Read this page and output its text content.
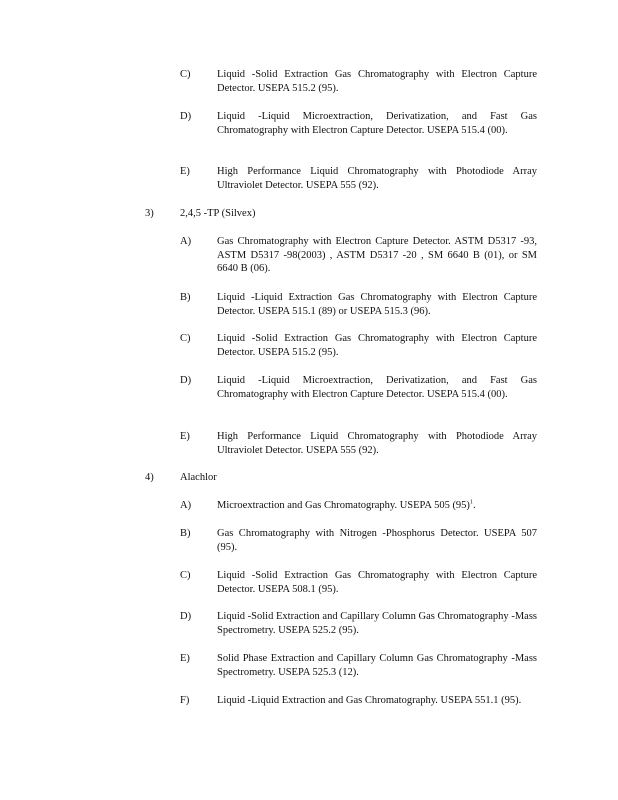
C)	Liquid -Solid Extraction Gas Chromatography with Electron Capture Detector. USEPA 515.2 (95).
D)	Liquid -Liquid Microextraction, Derivatization, and Fast Gas Chromatography with Electron Capture Detector. USEPA 515.4 (00).
E)	High Performance Liquid Chromatography with Photodiode Array Ultraviolet Detector. USEPA 555 (92).
3)	2,4,5 -TP (Silvex)
A)	Gas Chromatography with Electron Capture Detector. ASTM D5317 -93, ASTM D5317 -98(2003) , ASTM D5317 -20 , SM 6640 B (01), or SM 6640 B (06).
B)	Liquid -Liquid Extraction Gas Chromatography with Electron Capture Detector. USEPA 515.1 (89) or USEPA 515.3 (96).
C)	Liquid -Solid Extraction Gas Chromatography with Electron Capture Detector. USEPA 515.2 (95).
D)	Liquid -Liquid Microextraction, Derivatization, and Fast Gas Chromatography with Electron Capture Detector. USEPA 515.4 (00).
E)	High Performance Liquid Chromatography with Photodiode Array Ultraviolet Detector. USEPA 555 (92).
4)	Alachlor
A)	Microextraction and Gas Chromatography. USEPA 505 $(95)^1$.
B)	Gas Chromatography with Nitrogen -Phosphorus Detector. USEPA 507 (95).
C)	Liquid -Solid Extraction Gas Chromatography with Electron Capture Detector. USEPA 508.1 (95).
D)	Liquid -Solid Extraction and Capillary Column Gas Chromatography -Mass Spectrometry. USEPA 525.2 (95).
E)	Solid Phase Extraction and Capillary Column Gas Chromatography -Mass Spectrometry. USEPA 525.3 (12).
F)	Liquid -Liquid Extraction and Gas Chromatography. USEPA 551.1 (95).
